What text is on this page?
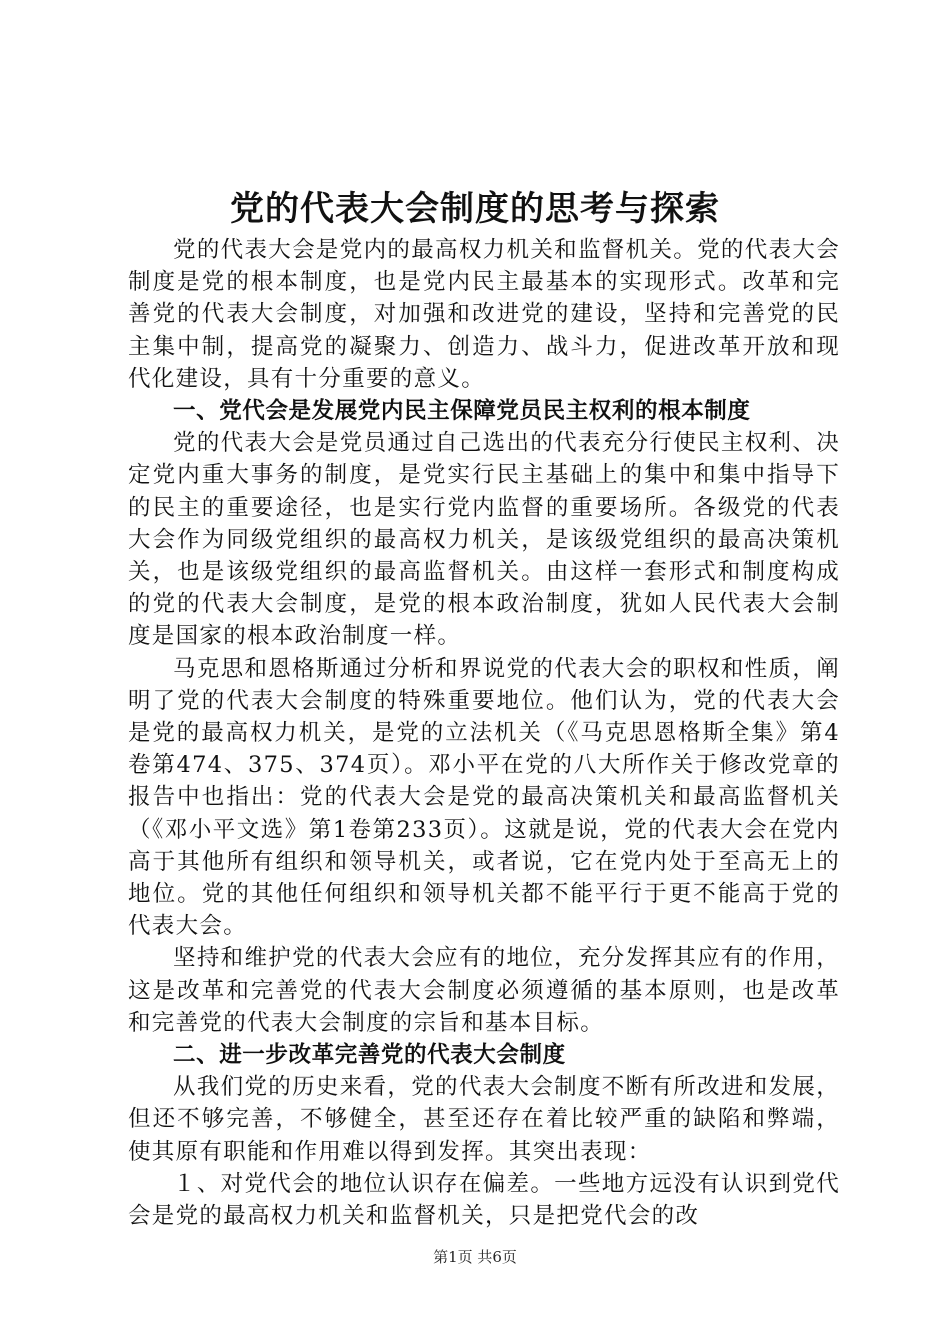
党的代表大会制度的思考与探索

党的代表大会是党内的最高权力机关和监督机关。党的代表大会制度是党的根本制度，也是党内民主最基本的实现形式。改革和完善党的代表大会制度，对加强和改进党的建设，坚持和完善党的民主集中制，提高党的凝聚力、创造力、战斗力，促进改革开放和现代化建设，具有十分重要的意义。

一、党代会是发展党内民主保障党员民主权利的根本制度

党的代表大会是党员通过自己选出的代表充分行使民主权利、决定党内重大事务的制度，是党实行民主基础上的集中和集中指导下的民主的重要途径，也是实行党内监督的重要场所。各级党的代表大会作为同级党组织的最高权力机关，是该级党组织的最高决策机关，也是该级党组织的最高监督机关。由这样一套形式和制度构成的党的代表大会制度，是党的根本政治制度，犹如人民代表大会制度是国家的根本政治制度一样。

马克思和恩格斯通过分析和界说党的代表大会的职权和性质，阐明了党的代表大会制度的特殊重要地位。他们认为，党的代表大会是党的最高权力机关，是党的立法机关（《马克思恩格斯全集》第4卷第474、375、374页）。邓小平在党的八大所作关于修改党章的报告中也指出：党的代表大会是党的最高决策机关和最高监督机关（《邓小平文选》第1卷第233页）。这就是说，党的代表大会在党内高于其他所有组织和领导机关，或者说，它在党内处于至高无上的地位。党的其他任何组织和领导机关都不能平行于更不能高于党的代表大会。

坚持和维护党的代表大会应有的地位，充分发挥其应有的作用，这是改革和完善党的代表大会制度必须遵循的基本原则，也是改革和完善党的代表大会制度的宗旨和基本目标。

二、进一步改革完善党的代表大会制度

从我们党的历史来看，党的代表大会制度不断有所改进和发展，但还不够完善，不够健全，甚至还存在着比较严重的缺陷和弊端，使其原有职能和作用难以得到发挥。其突出表现：

１、对党代会的地位认识存在偏差。一些地方远没有认识到党代会是党的最高权力机关和监督机关，只是把党代会的改

第1页 共6页
